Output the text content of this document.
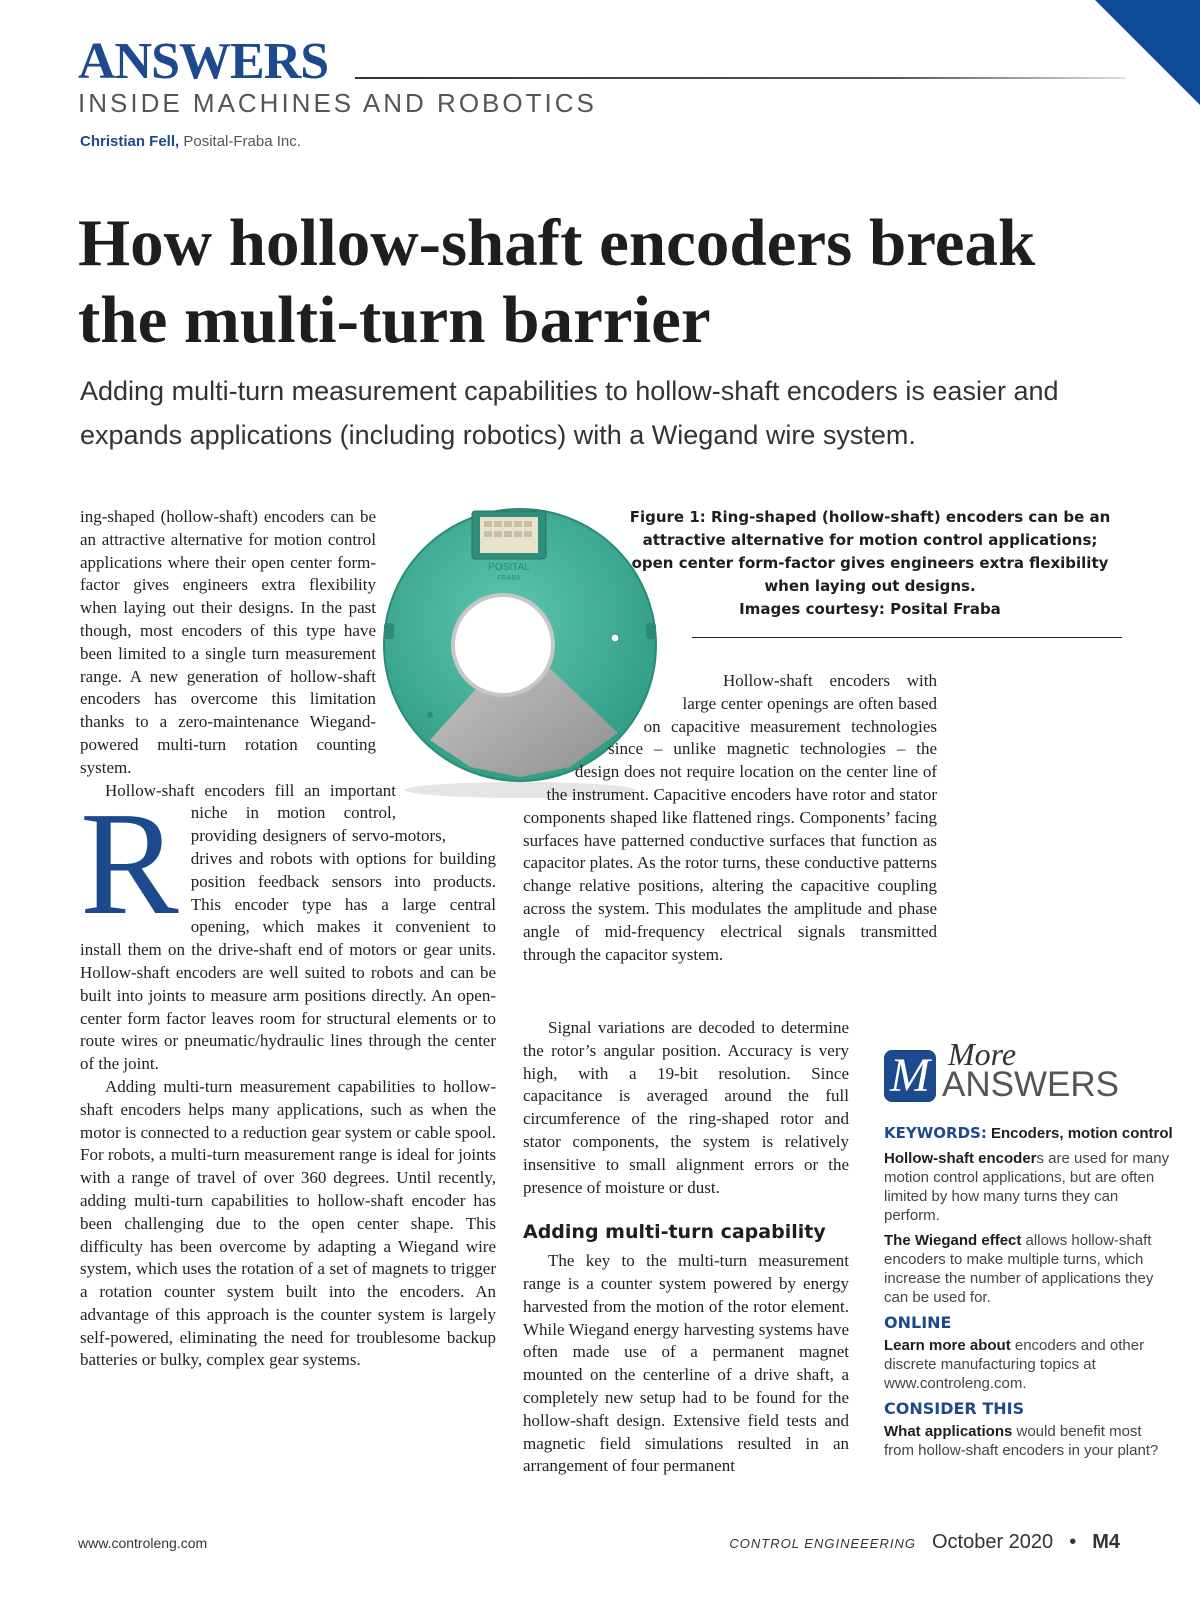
ANSWERS
INSIDE MACHINES AND ROBOTICS
Christian Fell, Posital-Fraba Inc.
How hollow-shaft encoders break the multi-turn barrier

Adding multi-turn measurement capabilities to hollow-shaft encoders is easier and expands applications (including robotics) with a Wiegand wire system.

POSITAL
FRABA
Figure 1: Ring-shaped (hollow-shaft) encoders can be an attractive alternative for motion control applications; open center form-factor gives engineers extra flexibility when laying out designs.
Images courtesy: Posital Fraba
R

ing-shaped (hollow-shaft) encoders can be an attractive alternative for motion control applications where their open center form-factor gives engineers extra flexibility when laying out their designs. In the past though, most encoders of this type have been limited to a single turn measurement range. A new generation of hollow-shaft encoders has overcome this limitation thanks to a zero-maintenance Wiegand-powered multi-turn rotation counting system.

Hollow-shaft encoders fill an important niche in motion control, providing designers of servo-motors, drives and robots with options for building position feedback sensors into products. This encoder type has a large central opening, which makes it convenient to install them on the drive-shaft end of motors or gear units. Hollow-shaft encoders are well suited to robots and can be built into joints to measure arm positions directly. An open-center form factor leaves room for structural elements or to route wires or pneumatic/hydraulic lines through the center of the joint.

Adding multi-turn measurement capabilities to hollow-shaft encoders helps many applications, such as when the motor is connected to a reduction gear system or cable spool. For robots, a multi-turn measurement range is ideal for joints with a range of travel of over 360 degrees. Until recently, adding multi-turn capabilities to hollow-shaft encoder has been challenging due to the open center shape. This difficulty has been overcome by adapting a Wiegand wire system, which uses the rotation of a set of magnets to trigger a rotation counter system built into the encoders. An advantage of this approach is the counter system is largely self-powered, eliminating the need for troublesome backup batteries or bulky, complex gear systems.

Hollow-shaft encoders with large center openings are often based on capacitive measurement technologies since – unlike magnetic technologies – the design does not require location on the center line of the instrument. Capacitive encoders have rotor and stator components shaped like flattened rings. Components’ facing surfaces have patterned conductive surfaces that function as capacitor plates. As the rotor turns, these conductive patterns change relative positions, altering the capacitive coupling across the system. This modulates the amplitude and phase angle of mid-frequency electrical signals transmitted through the capacitor system.

Signal variations are decoded to determine the rotor’s angular position. Accuracy is very high, with a 19-bit resolution. Since capacitance is averaged around the full circumference of the ring-shaped rotor and stator components, the system is relatively insensitive to small alignment errors or the presence of moisture or dust.

Adding multi-turn capability

The key to the multi-turn measurement range is a counter system powered by energy harvested from the motion of the rotor element. While Wiegand energy harvesting systems have often made use of a permanent magnet mounted on the centerline of a drive shaft, a completely new setup had to be found for the hollow-shaft design. Extensive field tests and magnetic field simulations resulted in an arrangement of four permanent

M More
ANSWERS

KEYWORDS: Encoders, motion control

Hollow-shaft encoders are used for many motion control applications, but are often limited by how many turns they can perform.

The Wiegand effect allows hollow-shaft encoders to make multiple turns, which increase the number of applications they can be used for.

ONLINE

Learn more about encoders and other discrete manufacturing topics at www.controleng.com.

CONSIDER THIS

What applications would benefit most from hollow-shaft encoders in your plant?

www.controleng.com	CONTROL ENGINEEERING October 2020 • M4
